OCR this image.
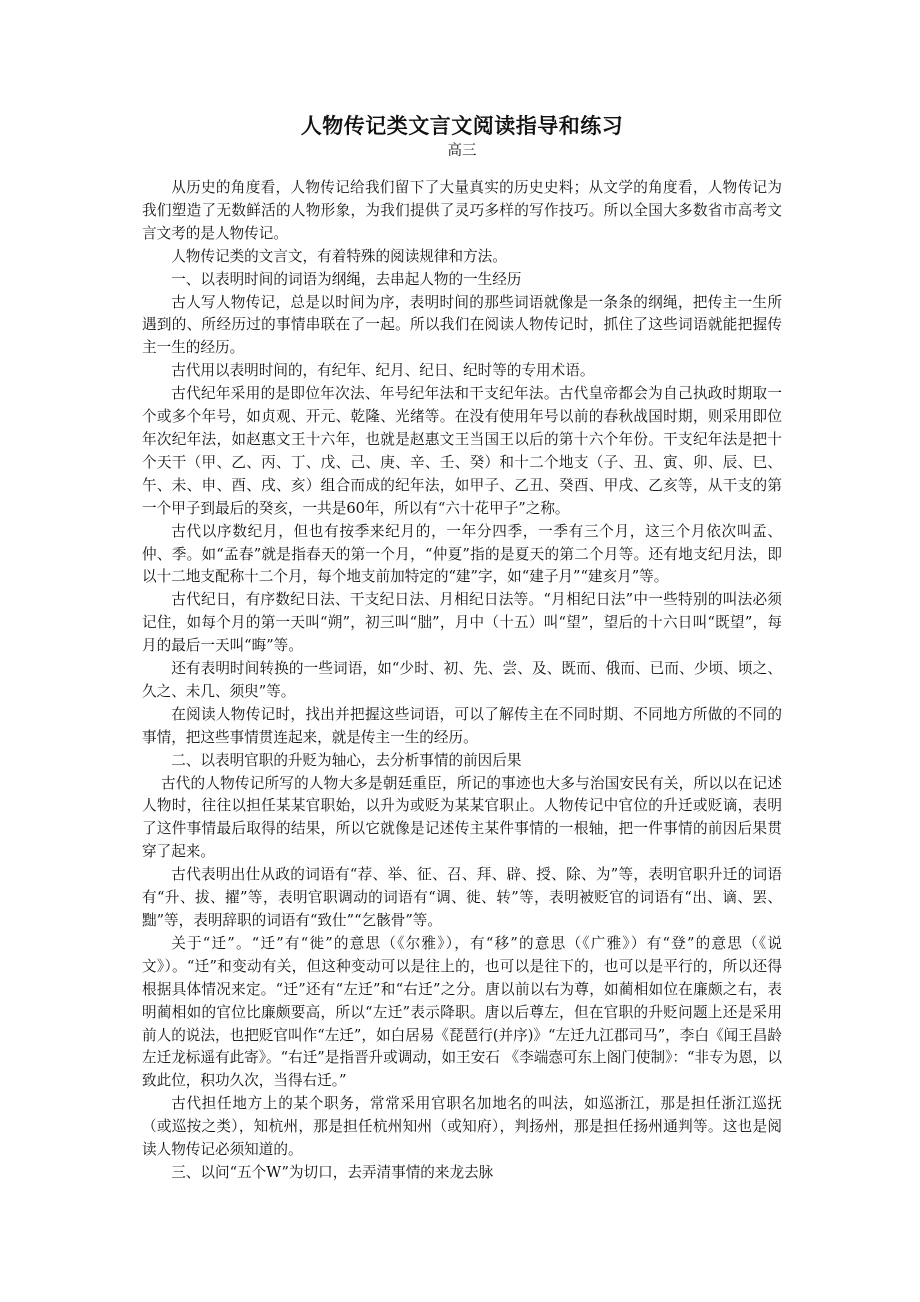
人物传记类文言文阅读指导和练习
高三

从历史的角度看，人物传记给我们留下了大量真实的历史史料；从文学的角度看，人物传记为我们塑造了无数鲜活的人物形象，为我们提供了灵巧多样的写作技巧。所以全国大多数省市高考文言文考的是人物传记。

人物传记类的文言文，有着特殊的阅读规律和方法。

一、以表明时间的词语为纲绳，去串起人物的一生经历

古人写人物传记，总是以时间为序，表明时间的那些词语就像是一条条的纲绳，把传主一生所遇到的、所经历过的事情串联在了一起。所以我们在阅读人物传记时，抓住了这些词语就能把握传主一生的经历。

古代用以表明时间的，有纪年、纪月、纪日、纪时等的专用术语。

古代纪年采用的是即位年次法、年号纪年法和干支纪年法。古代皇帝都会为自己执政时期取一个或多个年号，如贞观、开元、乾隆、光绪等。在没有使用年号以前的春秋战国时期，则采用即位年次纪年法，如赵惠文王十六年，也就是赵惠文王当国王以后的第十六个年份。干支纪年法是把十个天干（甲、乙、丙、丁、戊、己、庚、辛、壬、癸）和十二个地支（子、丑、寅、卯、辰、巳、午、未、申、酉、戌、亥）组合而成的纪年法，如甲子、乙丑、癸酉、甲戌、乙亥等，从干支的第一个甲子到最后的癸亥，一共是60年，所以有“六十花甲子”之称。

古代以序数纪月，但也有按季来纪月的，一年分四季，一季有三个月，这三个月依次叫孟、仲、季。如“孟春”就是指春天的第一个月，“仲夏”指的是夏天的第二个月等。还有地支纪月法，即以十二地支配称十二个月，每个地支前加特定的“建”字，如“建子月”“建亥月”等。

古代纪日，有序数纪日法、干支纪日法、月相纪日法等。“月相纪日法”中一些特别的叫法必须记住，如每个月的第一天叫“朔”，初三叫“朏”，月中（十五）叫“望”，望后的十六日叫“既望”，每月的最后一天叫“晦”等。

还有表明时间转换的一些词语，如“少时、初、先、尝、及、既而、俄而、已而、少顷、顷之、久之、未几、须臾”等。

在阅读人物传记时，找出并把握这些词语，可以了解传主在不同时期、不同地方所做的不同的事情，把这些事情贯连起来，就是传主一生的经历。

二、以表明官职的升贬为轴心，去分析事情的前因后果

古代的人物传记所写的人物大多是朝廷重臣，所记的事迹也大多与治国安民有关，所以以在记述人物时，往往以担任某某官职始，以升为或贬为某某官职止。人物传记中官位的升迁或贬谪，表明了这件事情最后取得的结果，所以它就像是记述传主某件事情的一根轴，把一件事情的前因后果贯穿了起来。

古代表明出仕从政的词语有“荐、举、征、召、拜、辟、授、除、为”等，表明官职升迁的词语有“升、拔、擢”等，表明官职调动的词语有“调、徙、转”等，表明被贬官的词语有“出、谪、罢、黜”等，表明辞职的词语有“致仕”“乞骸骨”等。

关于“迁”。“迁”有“徙”的意思（《尔雅》），有“移”的意思（《广雅》）有“登”的意思（《说文》）。“迁”和变动有关，但这种变动可以是往上的，也可以是往下的，也可以是平行的，所以还得根据具体情况来定。“迁”还有“左迁”和“右迁”之分。唐以前以右为尊，如蔺相如位在廉颇之右，表明蔺相如的官位比廉颇要高，所以“左迁”表示降职。唐以后尊左，但在官职的升贬问题上还是采用前人的说法，也把贬官叫作“左迁”，如白居易《琵琶行(并序)》“左迁九江郡司马”，李白《闻王昌龄左迁龙标遥有此寄》。“右迁”是指晋升或调动，如王安石 《李端悫可东上阁门使制》：“非专为恩，以致此位，积功久次，当得右迁。”

古代担任地方上的某个职务，常常采用官职名加地名的叫法，如巡浙江，那是担任浙江巡抚（或巡按之类），知杭州，那是担任杭州知州（或知府），判扬州，那是担任扬州通判等。这也是阅读人物传记必须知道的。

三、以问“五个W”为切口，去弄清事情的来龙去脉
